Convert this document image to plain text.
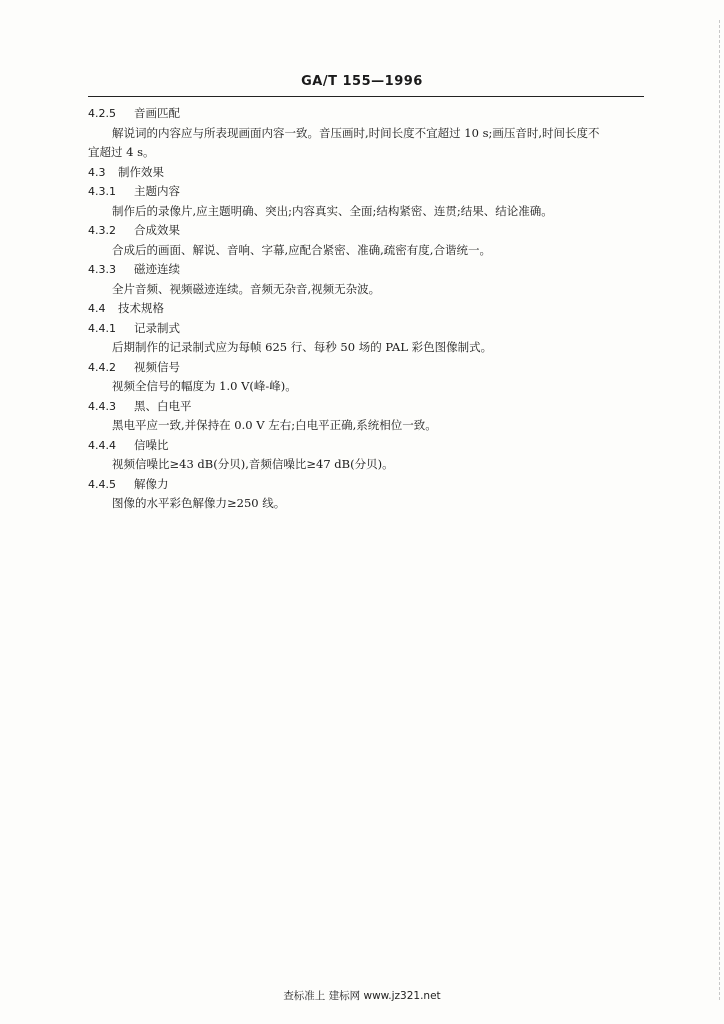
GA/T 155—1996
4.2.5 音画匹配
解说词的内容应与所表现画面内容一致。音压画时,时间长度不宜超过 10 s;画压音时,时间长度不
宜超过 4 s。
4.3 制作效果
4.3.1 主题内容
制作后的录像片,应主题明确、突出;内容真实、全面;结构紧密、连贯;结果、结论准确。
4.3.2 合成效果
合成后的画面、解说、音响、字幕,应配合紧密、准确,疏密有度,合谐统一。
4.3.3 磁迹连续
全片音频、视频磁迹连续。音频无杂音,视频无杂波。
4.4 技术规格
4.4.1 记录制式
后期制作的记录制式应为每帧 625 行、每秒 50 场的 PAL 彩色图像制式。
4.4.2 视频信号
视频全信号的幅度为 1.0 V(峰-峰)。
4.4.3 黑、白电平
黑电平应一致,并保持在 0.0 V 左右;白电平正确,系统相位一致。
4.4.4 信噪比
视频信噪比≥43 dB(分贝),音频信噪比≥47 dB(分贝)。
4.4.5 解像力
图像的水平彩色解像力≥250 线。
查标准上 建标网 www.jz321.net
